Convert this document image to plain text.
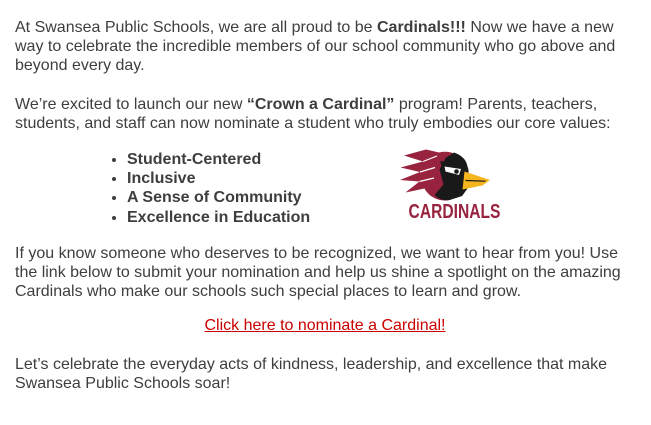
At Swansea Public Schools, we are all proud to be Cardinals!!! Now we have a new way to celebrate the incredible members of our school community who go above and beyond every day.

We’re excited to launch our new “Crown a Cardinal” program! Parents, teachers, students, and staff can now nominate a student who truly embodies our core values:

• Student-Centered
• Inclusive
• A Sense of Community
• Excellence in Education	CARDINALS

If you know someone who deserves to be recognized, we want to hear from you! Use the link below to submit your nomination and help us shine a spotlight on the amazing Cardinals who make our schools such special places to learn and grow.

Click here to nominate a Cardinal!

Let’s celebrate the everyday acts of kindness, leadership, and excellence that make Swansea Public Schools soar!
